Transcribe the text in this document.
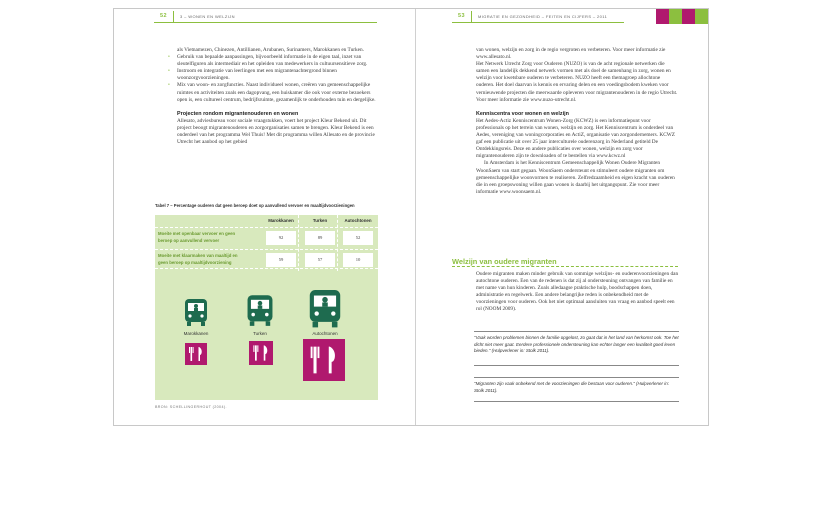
52	3 – WONEN EN WELZIJN	53	MIGRATIE EN GEZONDHEID – FEITEN EN CIJFERS – 2011

als Vietnamezen, Chinezen, Antillianen, Arubanen, Surinamers, Marokkanen en Turken.

• Gebruik van bepaalde aanpassingen, bijvoorbeeld informatie in de eigen taal, inzet van sleutelfiguren als intermediair en het opleiden van medewerkers in cultuursensitieve zorg.
• Instroom en integratie van leerlingen met een migrantenachtergrond binnen woonzorgvoorzieningen.
• Mix van woon- en zorgfuncties. Naast individueel wonen, creëren van gemeenschappelijke ruimtes en activiteiten zoals een dagopvang, een huiskamer die ook voor externe bezoekers open is, een cultureel centrum, bedrijfsruimte, gezamenlijk te onderhouden tuin en dergelijke.
Projecten rondom migrantenouderen en wonen

Allesato, adviesbureau voor sociale vraagstukken, voert het project Kleur Bekend uit. Dit project beoogt migrantenouderen en zorgorganisaties samen te brengen. Kleur Bekend is een onderdeel van het programma Wel Thuis! Met dit programma willen Allesato en de provincie Utrecht het aanbod op het gebied

Tabel 7 – Percentage ouderen dat geen beroep doet op aanvullend vervoer en maaltijdvoorzieningen
Marokkanen	Turken	Autochtonen
Moeite met openbaar vervoer en geen beroep op aanvullend vervoer
92	89	52
Moeite met klaarmaken van maaltijd en geen beroep op maaltijdvoorziening
59	57	10
Marokkanen	Turken	Autochtonen
BRON: SCHELLINGERHOUT (2004).

van wonen, welzijn en zorg in de regio vergroten en verbeteren. Voor meer informatie zie www.allesato.nl.

Het Netwerk Utrecht Zorg voor Ouderen (NUZO) is van de acht regionale netwerken die samen een landelijk dekkend netwerk vormen met als doel de samenhang in zorg, wonen en welzijn voor kwetsbare ouderen te verbeteren. NUZO heeft een themagroep allochtone ouderen. Het doel daarvan is kennis en ervaring delen en een voedingsbodem kweken voor vernieuwende projecten die meerwaarde opleveren voor migrantenouderen in de regio Utrecht. Voor meer informatie zie www.nuzo-utrecht.nl.

Kenniscentra voor wonen en welzijn

Het Aedes-Actiz Kenniscentrum Wonen-Zorg (KCWZ) is een informatiepunt voor professionals op het terrein van wonen, welzijn en zorg. Het Kenniscentrum is onderdeel van Aedes, vereniging van woningcorporaties en ActiZ, organisatie van zorgondernemers. KCWZ gaf een publicatie uit over 25 jaar interculturele ouderenzorg in Nederland getiteld De Ontdekkingsreis. Deze en andere publicaties over wonen, welzijn en zorg voor migrantenouderen zijn te downloaden of te bestellen via www.kcwz.nl

In Amsterdam is het Kenniscentrum Gemeenschappelijk Wonen Oudere Migranten WoonSaem van start gegaan. WoonSaem ondersteunt en stimuleert oudere migranten om gemeenschappelijke woonvormen te realiseren. Zelfredzaamheid en eigen kracht van ouderen die in een groepswoning willen gaan wonen is daarbij het uitgangspunt. Zie voor meer informatie www.woonsaem.nl.

Welzijn van oudere migranten

Oudere migranten maken minder gebruik van sommige welzijns- en ouderenvoorzieningen dan autochtone ouderen. Een van de redenen is dat zij al ondersteuning ontvangen van familie en met name van hun kinderen. Zoals alledaagse praktische hulp, boodschappen doen, administratie en regelwerk. Een andere belangrijke reden is onbekendheid met de voorzieningen voor ouderen. Ook het niet optimaal aansluiten van vraag en aanbod speelt een rol (NOOM 2009).

"Vaak worden problemen binnen de familie opgelost, zo gaat dat in het land van herkomst ook. Toe het dicht niet meer gaat. Eerdere professionele ondersteuning kan echter langer een kwaliteit goed leven bieden." (Hulpverlener in: Stolk 2011).
"Migranten zijn vaak onbekend met de voorzieningen die bestaan voor ouderen." (Hulpverlener in: Stolk 2011).
